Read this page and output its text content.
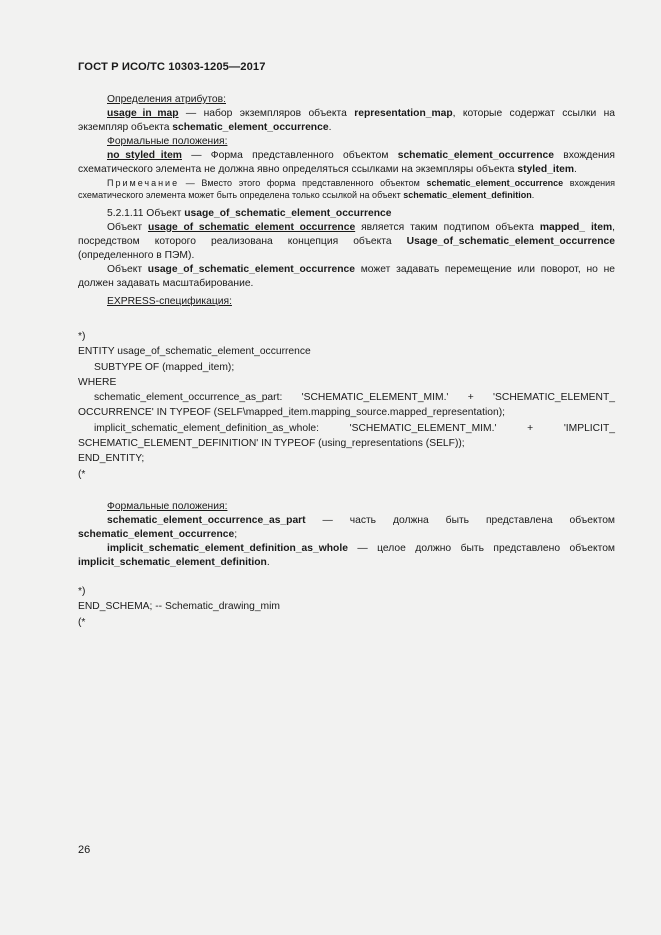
ГОСТ Р ИСО/ТС 10303-1205—2017

Определения атрибутов:

usage_in_map — набор экземпляров объекта representation_map, которые содержат ссылки на экземпляр объекта schematic_element_occurrence.

Формальные положения:

no_styled_item — Форма представленного объектом schematic_element_occurrence вхождения схематического элемента не должна явно определяться ссылками на экземпляры объекта styled_item.

Примечание — Вместо этого форма представленного объектом schematic_element_occurrence вхождения схематического элемента может быть определена только ссылкой на объект schematic_element_definition.

5.2.1.11 Объект usage_of_schematic_element_occurrence

Объект usage_of_schematic_element_occurrence является таким подтипом объекта mapped_ item, посредством которого реализована концепция объекта Usage_of_schematic_element_occurrence (определенного в ПЭМ).

Объект usage_of_schematic_element_occurrence может задавать перемещение или поворот, но не должен задавать масштабирование.

EXPRESS-спецификация:

*)
ENTITY usage_of_schematic_element_occurrence
SUBTYPE OF (mapped_item);
WHERE
schematic_element_occurrence_as_part: 'SCHEMATIC_ELEMENT_MIM.' + 'SCHEMATIC_ELEMENT_
OCCURRENCE' IN TYPEOF (SELF\mapped_item.mapping_source.mapped_representation);
implicit_schematic_element_definition_as_whole:	'SCHEMATIC_ELEMENT_MIM.'	+	'IMPLICIT_
SCHEMATIC_ELEMENT_DEFINITION' IN TYPEOF (using_representations (SELF));
END_ENTITY;
(*

Формальные положения:

schematic_element_occurrence_as_part — часть должна быть представлена объектом schematic_element_occurrence;

implicit_schematic_element_definition_as_whole — целое должно быть представлено объектом implicit_schematic_element_definition.

*)
END_SCHEMA; -- Schematic_drawing_mim
(*
26
